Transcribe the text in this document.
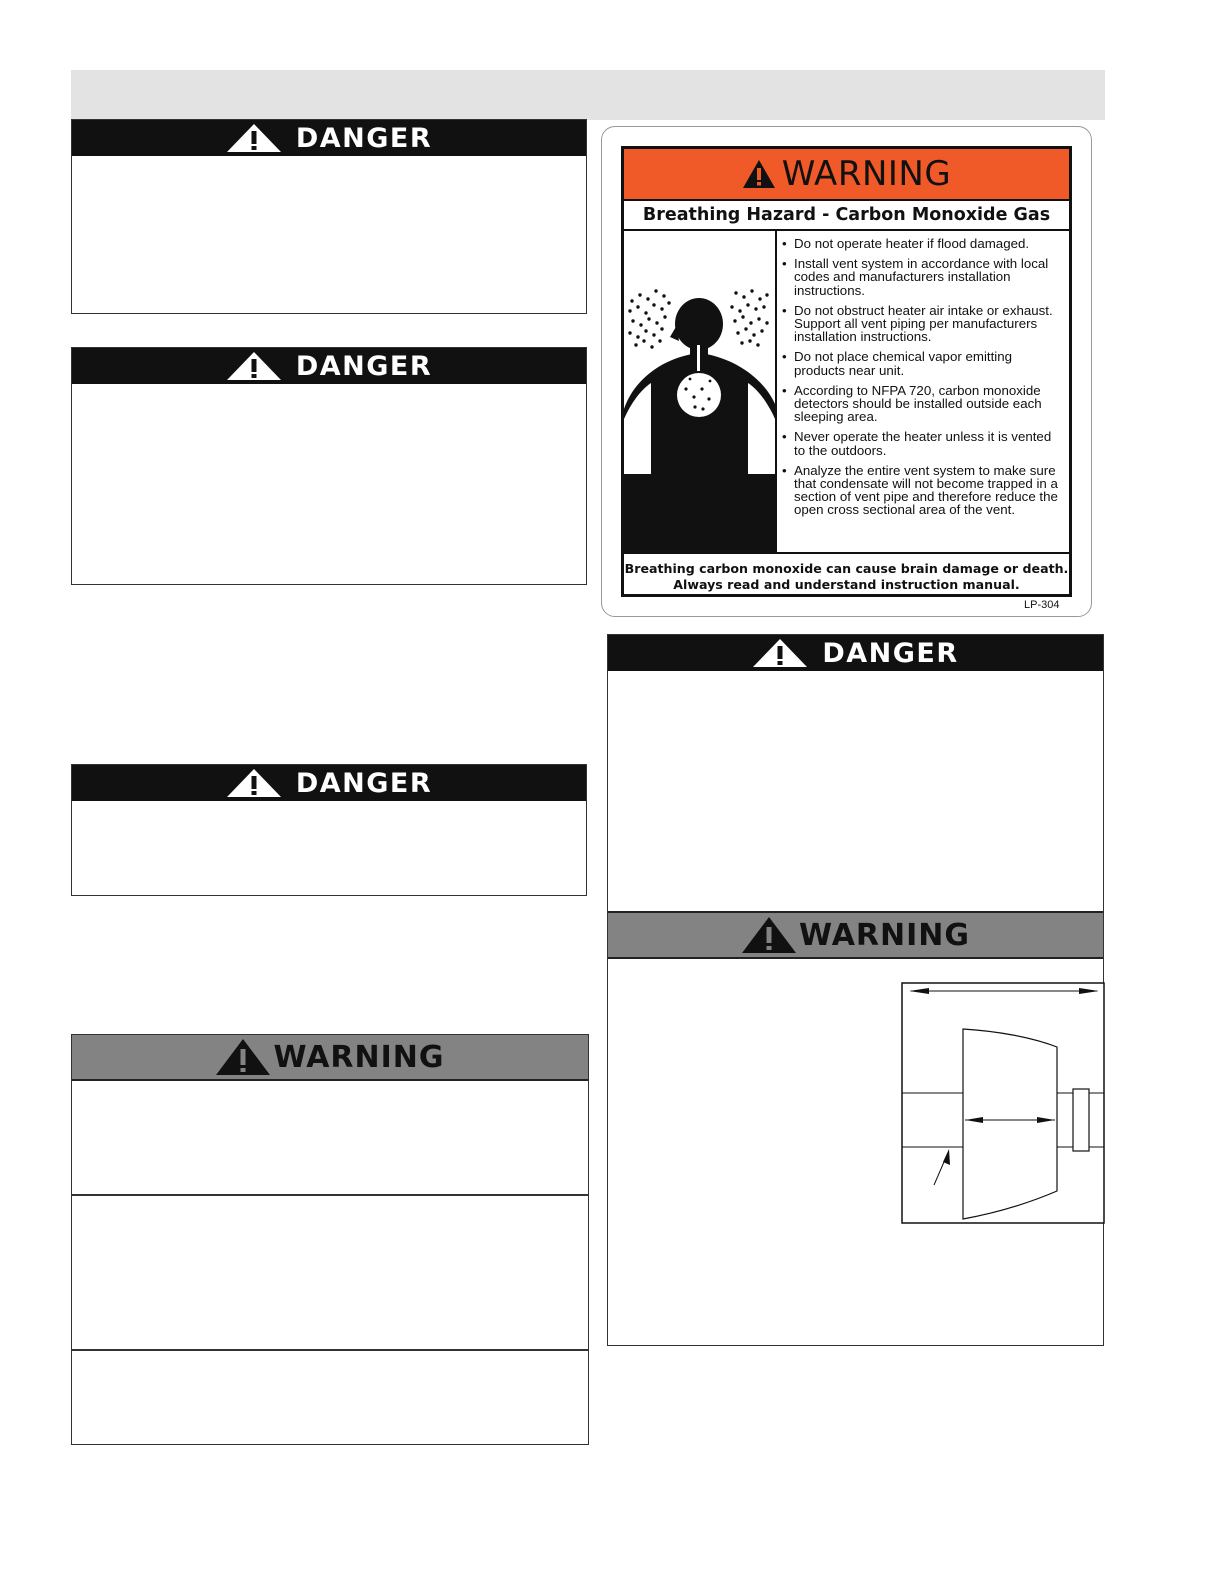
DANGER
DANGER
DANGER
WARNING
WARNING
Breathing Hazard - Carbon Monoxide Gas
• Do not operate heater if flood damaged.
• Install vent system in accordance with local codes and manufacturers installation instructions.
• Do not obstruct heater air intake or exhaust. Support all vent piping per manufacturers installation instructions.
• Do not place chemical vapor emitting products near unit.
• According to NFPA 720, carbon monoxide detectors should be installed outside each sleeping area.
• Never operate the heater unless it is vented to the outdoors.
• Analyze the entire vent system to make sure that condensate will not become trapped in a section of vent pipe and therefore reduce the open cross sectional area of the vent.
Breathing carbon monoxide can cause brain damage or death.
Always read and understand instruction manual.
LP-304
DANGER
WARNING
